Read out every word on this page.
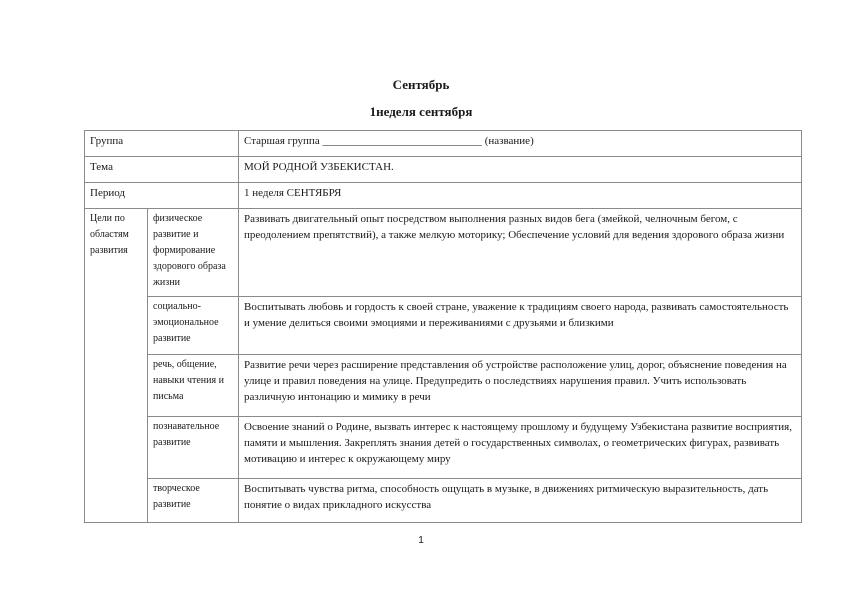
Сентябрь
1неделя сентября
Группа		Старшая группа _____________________________ (название)
Тема		МОЙ РОДНОЙ УЗБЕКИСТАН.
Период		1 неделя СЕНТЯБРЯ
Цели по областям развития	физическое развитие и формирование здорового образа жизни	Развивать двигательный опыт посредством выполнения разных видов бега (змейкой, челночным бегом, с преодолением препятствий), а также мелкую моторику; Обеспечение условий для ведения здорового образа жизни
	социально-эмоциональное развитие	Воспитывать любовь и гордость к своей стране, уважение к традициям своего народа, развивать самостоятельность и умение делиться своими эмоциями и переживаниями с друзьями и близкими
	речь, общение, навыки чтения и письма	Развитие речи через расширение представления об устройстве расположение улиц, дорог, объяснение поведения на улице и правил поведения на улице. Предупредить о последствиях нарушения правил. Учить использовать различную интонацию и мимику в речи
	познавательное развитие	Освоение знаний о Родине, вызвать интерес к настоящему прошлому и будущему Узбекистана развитие восприятия, памяти и мышления. Закреплять знания детей о государственных символах, о геометрических фигурах, развивать мотивацию и интерес к окружающему миру
	творческое развитие	Воспитывать чувства ритма, способность ощущать в музыке, в движениях ритмическую выразительность, дать понятие о видах прикладного искусства
1
